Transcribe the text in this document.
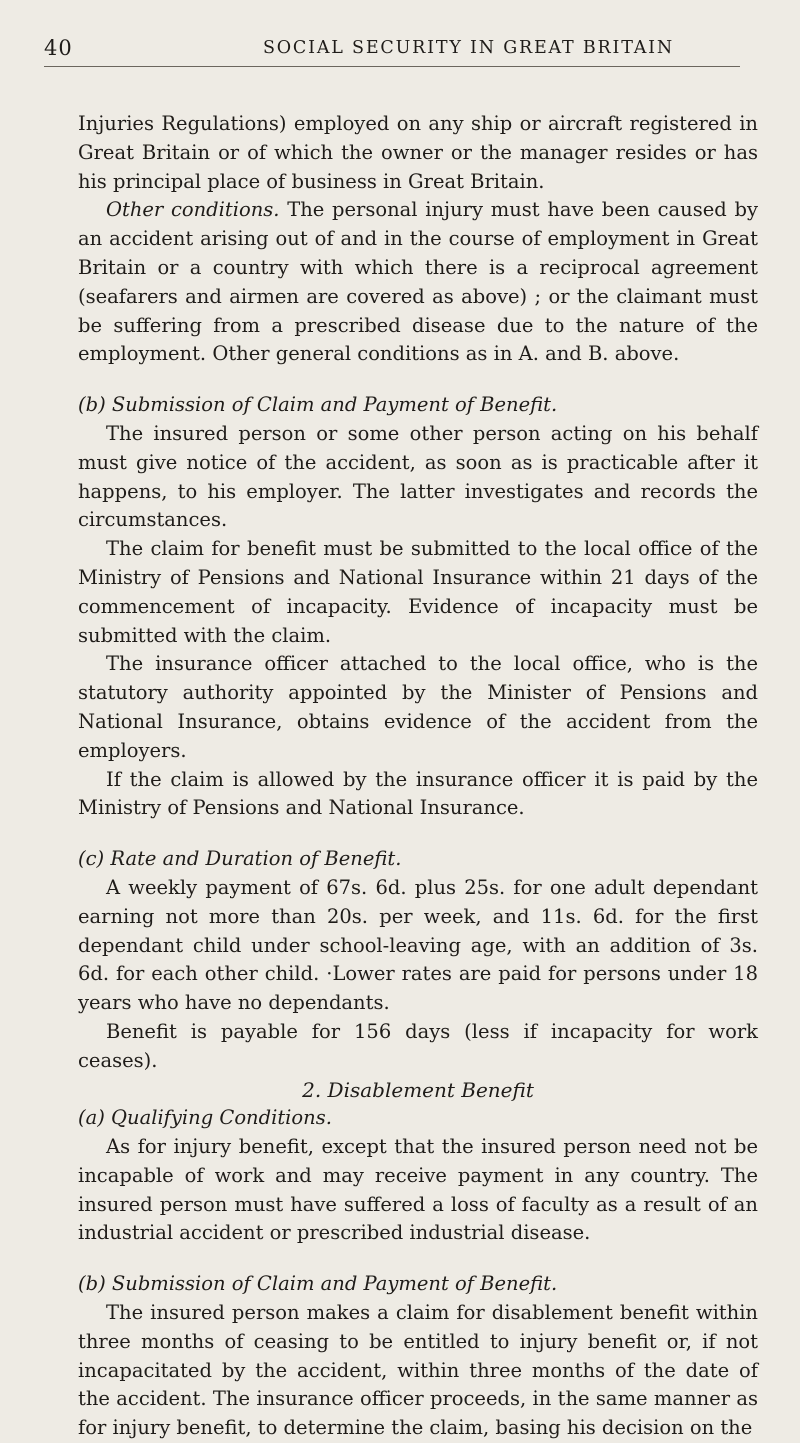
40	SOCIAL SECURITY IN GREAT BRITAIN

Injuries Regulations) employed on any ship or aircraft registered in Great Britain or of which the owner or the manager resides or has his principal place of business in Great Britain.

Other conditions. The personal injury must have been caused by an accident arising out of and in the course of employment in Great Britain or a country with which there is a reciprocal agreement (seafarers and airmen are covered as above) ; or the claimant must be suffering from a prescribed disease due to the nature of the employment. Other general conditions as in A. and B. above.

(b) Submission of Claim and Payment of Benefit.

The insured person or some other person acting on his behalf must give notice of the accident, as soon as is practicable after it happens, to his employer. The latter investigates and records the circumstances.

The claim for benefit must be submitted to the local office of the Ministry of Pensions and National Insurance within 21 days of the commencement of incapacity. Evidence of incapacity must be submitted with the claim.

The insurance officer attached to the local office, who is the statutory authority appointed by the Minister of Pensions and National Insurance, obtains evidence of the accident from the employers.

If the claim is allowed by the insurance officer it is paid by the Ministry of Pensions and National Insurance.

(c) Rate and Duration of Benefit.

A weekly payment of 67s. 6d. plus 25s. for one adult dependant earning not more than 20s. per week, and 11s. 6d. for the first dependant child under school-leaving age, with an addition of 3s. 6d. for each other child. ·Lower rates are paid for persons under 18 years who have no dependants.

Benefit is payable for 156 days (less if incapacity for work ceases).

2. Disablement Benefit

(a) Qualifying Conditions.

As for injury benefit, except that the insured person need not be incapable of work and may receive payment in any country. The insured person must have suffered a loss of faculty as a result of an industrial accident or prescribed industrial disease.

(b) Submission of Claim and Payment of Benefit.

The insured person makes a claim for disablement benefit within three months of ceasing to be entitled to injury benefit or, if not incapacitated by the accident, within three months of the date of the accident. The insurance officer proceeds, in the same manner as for injury benefit, to determine the claim, basing his decision on the
